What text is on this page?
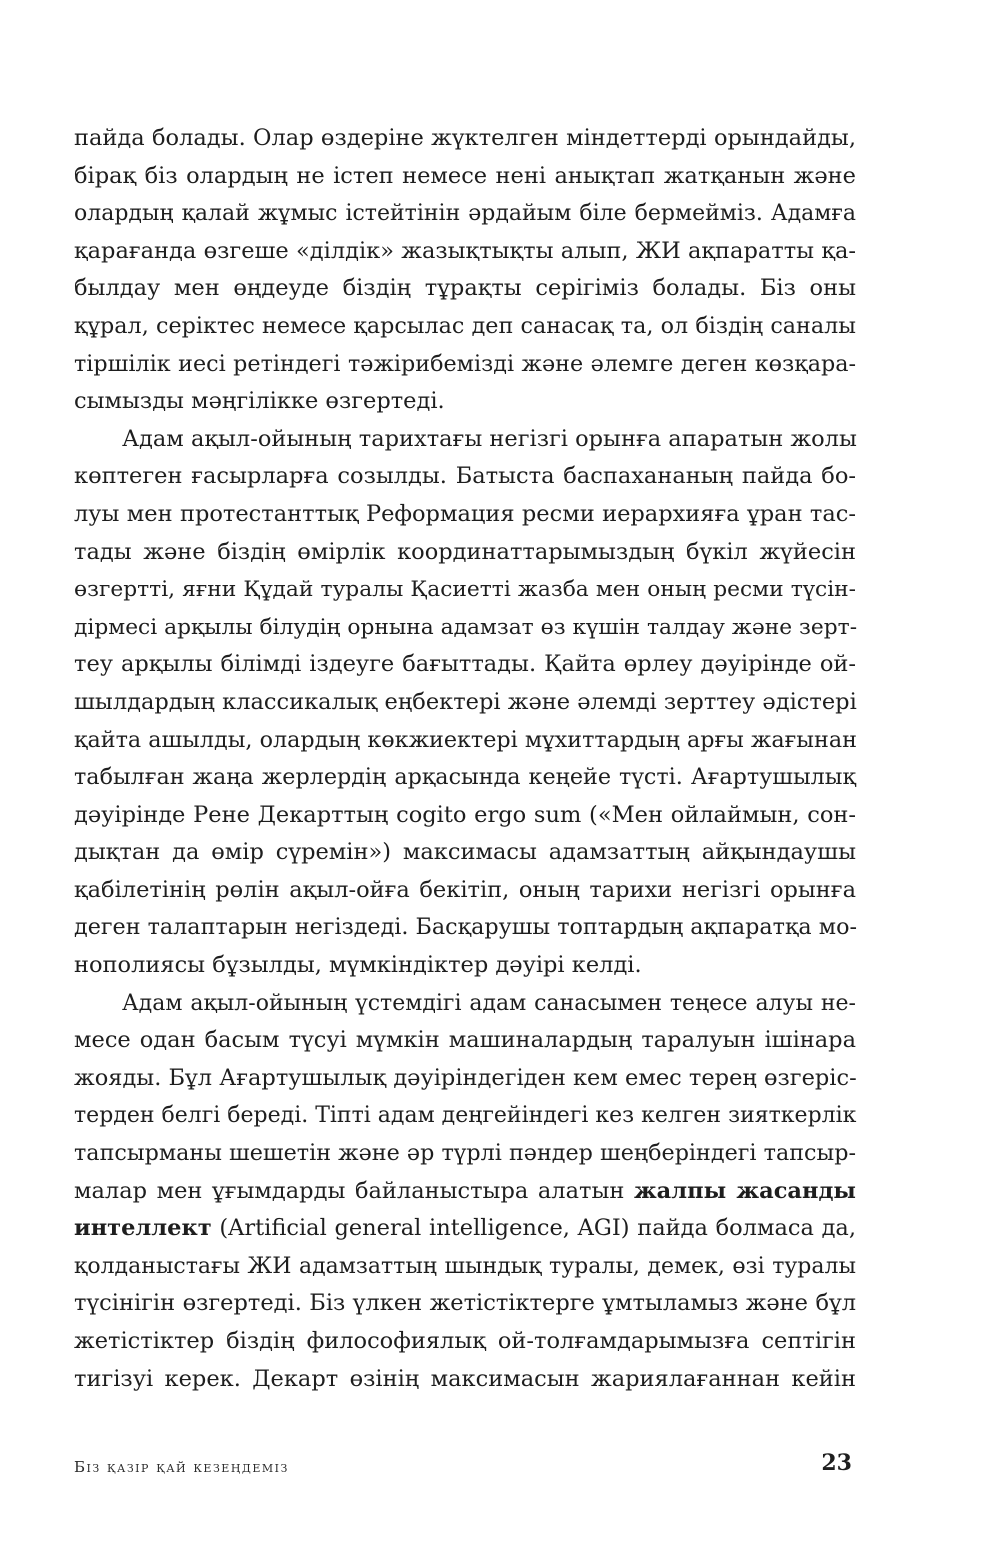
пайда болады. Олар өздеріне жүктелген міндеттерді орындайды,
бірақ біз олардың не істеп немесе нені анықтап жатқанын және
олардың қалай жұмыс істейтінін әрдайым біле бермейміз. Адамға
қарағанда өзгеше «ділдік» жазықтықты алып, ЖИ ақпаратты қа-
былдау мен өңдеуде біздің тұрақты серігіміз болады. Біз оны
құрал, серіктес немесе қарсылас деп санасақ та, ол біздің саналы
тіршілік иесі ретіндегі тәжірибемізді және әлемге деген көзқара-
сымызды мәңгілікке өзгертеді.
Адам ақыл-ойының тарихтағы негізгі орынға апаратын жолы
көптеген ғасырларға созылды. Батыста баспахананың пайда бо-
луы мен протестанттық Реформация ресми иерархияға ұран тас-
тады және біздің өмірлік координаттарымыздың бүкіл жүйесін
өзгертті, яғни Құдай туралы Қасиетті жазба мен оның ресми түсін-
дірмесі арқылы білудің орнына адамзат өз күшін талдау және зерт-
теу арқылы білімді іздеуге бағыттады. Қайта өрлеу дәуірінде ой-
шылдардың классикалық еңбектері және әлемді зерттеу әдістері
қайта ашылды, олардың көкжиектері мұхиттардың арғы жағынан
табылған жаңа жерлердің арқасында кеңейе түсті. Ағартушылық
дәуірінде Рене Декарттың cogito ergo sum («Мен ойлаймын, сон-
дықтан да өмір сүремін») максимасы адамзаттың айқындаушы
қабілетінің рөлін ақыл-ойға бекітіп, оның тарихи негізгі орынға
деген талаптарын негіздеді. Басқарушы топтардың ақпаратқа мо-
нополиясы бұзылды, мүмкіндіктер дәуірі келді.
Адам ақыл-ойының үстемдігі адам санасымен теңесе алуы не-
месе одан басым түсуі мүмкін машиналардың таралуын ішінара
жояды. Бұл Ағартушылық дәуіріндегіден кем емес терең өзгеріс-
терден белгі береді. Тіпті адам деңгейіндегі кез келген зияткерлік
тапсырманы шешетін және әр түрлі пәндер шеңберіндегі тапсыр-
малар мен ұғымдарды байланыстыра алатын жалпы жасанды
интеллект (Artificial general intelligence, AGI) пайда болмаса да,
қолданыстағы ЖИ адамзаттың шындық туралы, демек, өзі туралы
түсінігін өзгертеді. Біз үлкен жетістіктерге ұмтыламыз және бұл
жетістіктер біздің философиялық ой-толғамдарымызға септігін
тигізуі керек. Декарт өзінің максимасын жариялағаннан кейін
Біз қазір қай кезеңдеміз	23
